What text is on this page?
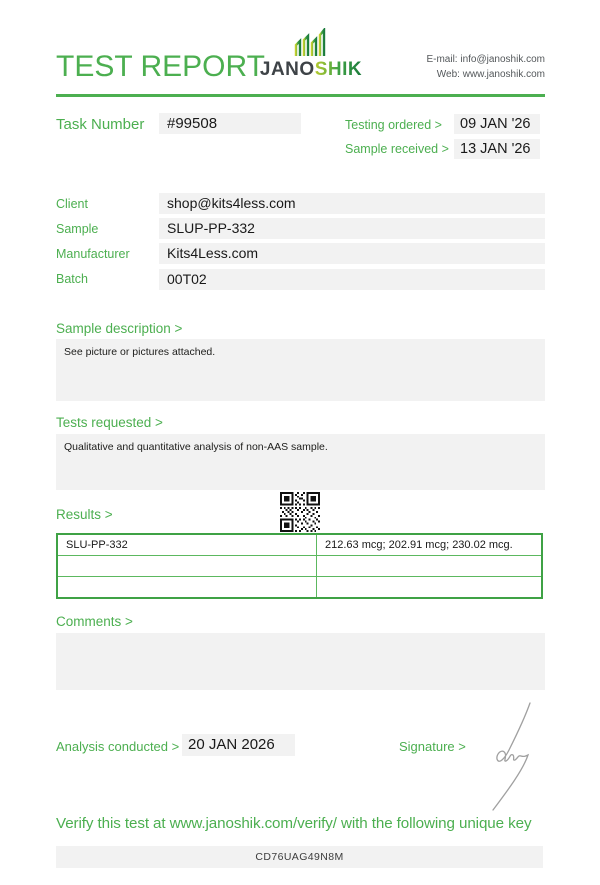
TEST REPORT
JANOSHIK	E-mail: info@janoshik.com
Web: www.janoshik.com
Task Number	#99508	Testing ordered >	09 JAN '26
Sample received > 13 JAN '26
Client	shop@kits4less.com
Sample	SLUP-PP-332
Manufacturer	Kits4Less.com
Batch	00T02
Sample description >
See picture or pictures attached.
Tests requested >
Qualitative and quantitative analysis of non-AAS sample.
Results >
SLU-PP-332	212.63 mcg; 202.91 mcg; 230.02 mcg.

Comments >
Analysis conducted > 20 JAN 2026	Signature >
Verify this test at www.janoshik.com/verify/ with the following unique key
CD76UAG49N8M
